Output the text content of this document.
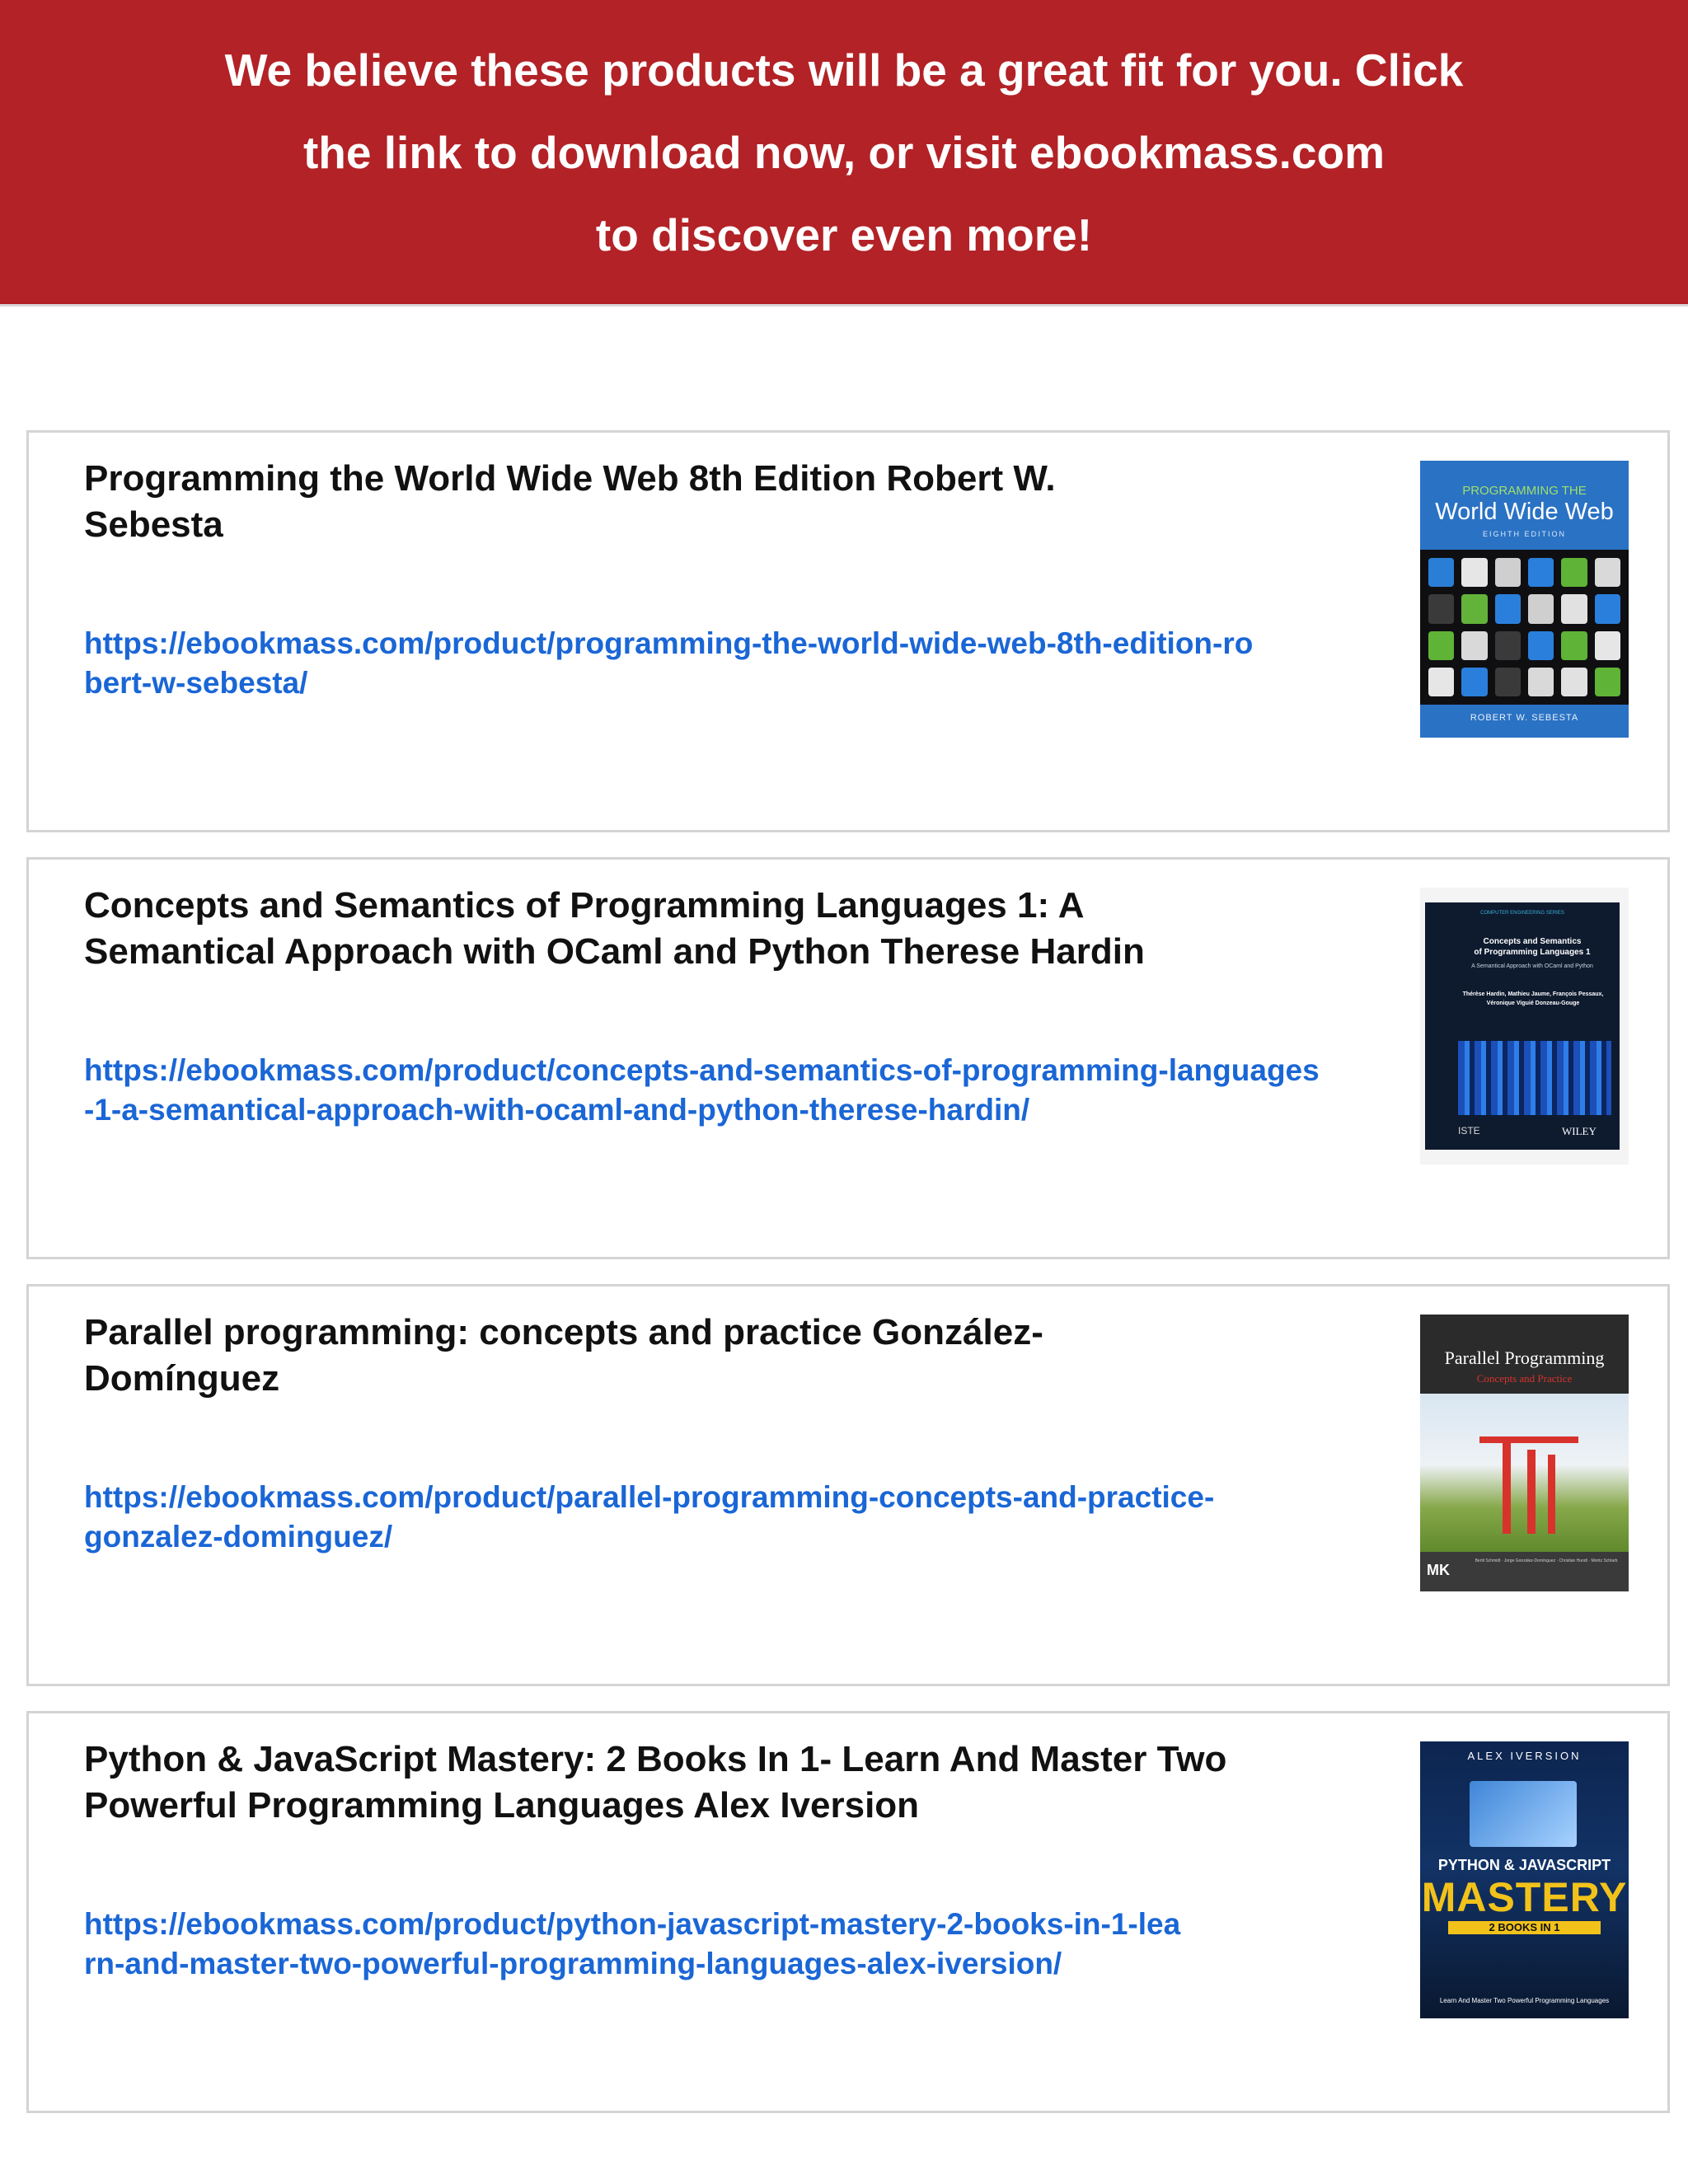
We believe these products will be a great fit for you. Click
the link to download now, or visit ebookmass.com
to discover even more!
Programming the World Wide Web 8th Edition Robert W. Sebesta
https://ebookmass.com/product/programming-the-world-wide-web-8th-edition-robert-w-sebesta/
PROGRAMMING THE
World Wide Web
EIGHTH EDITION
ROBERT W. SEBESTA
Concepts and Semantics of Programming Languages 1: A Semantical Approach with OCaml and Python Therese Hardin
https://ebookmass.com/product/concepts-and-semantics-of-programming-languages-1-a-semantical-approach-with-ocaml-and-python-therese-hardin/
COMPUTER ENGINEERING SERIES
Concepts and Semantics
of Programming Languages 1
A Semantical Approach with OCaml and Python
Thérèse Hardin, Mathieu Jaume, François Pessaux, Véronique Viguié Donzeau-Gouge
ISTE	WILEY
Parallel programming: concepts and practice González-Domínguez
https://ebookmass.com/product/parallel-programming-concepts-and-practice-gonzalez-dominguez/
Parallel Programming
Concepts and Practice
MK
Bertil Schmidt · Jorge González-Domínguez · Christian Hundt · Moritz Schlarb
Python & JavaScript Mastery: 2 Books In 1- Learn And Master Two Powerful Programming Languages Alex Iversion
https://ebookmass.com/product/python-javascript-mastery-2-books-in-1-learn-and-master-two-powerful-programming-languages-alex-iversion/
ALEX IVERSION
PYTHON & JAVASCRIPT
MASTERY
2 BOOKS IN 1
Learn And Master Two Powerful Programming Languages
